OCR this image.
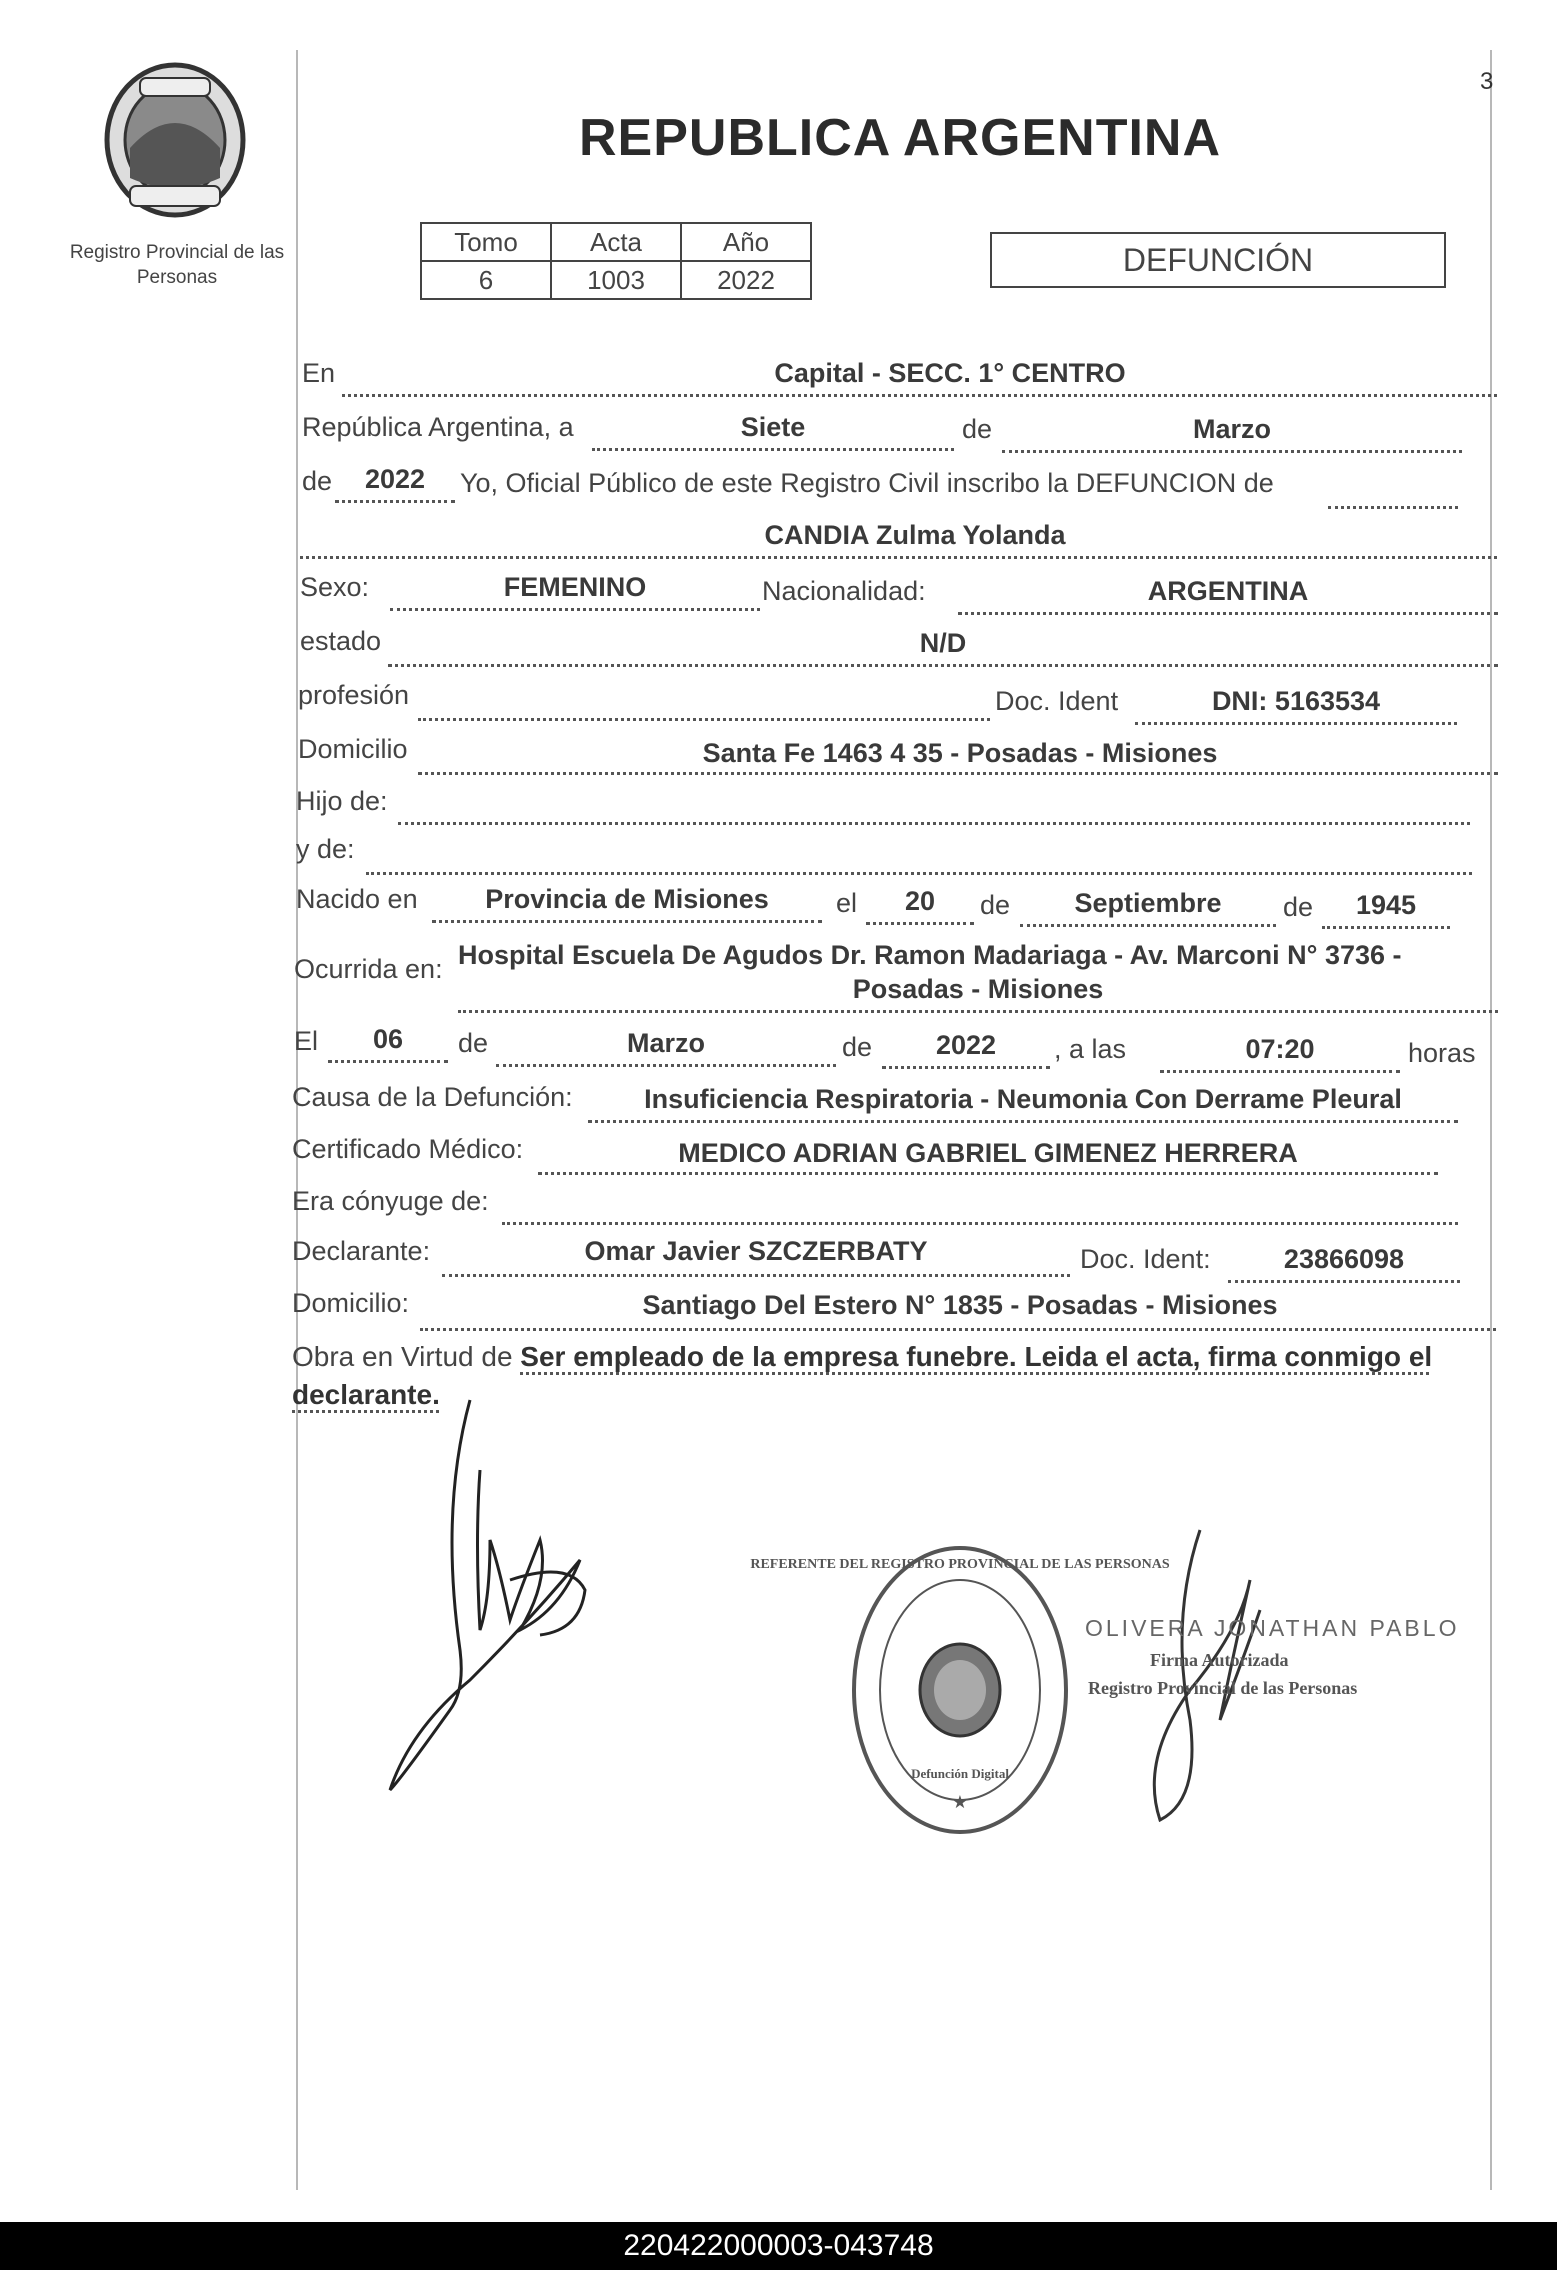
3
Registro Provincial de las Personas
REPUBLICA ARGENTINA
Tomo	Acta	Año
6	1003	2022
DEFUNCIÓN
En	Capital - SECC. 1° CENTRO
República Argentina, a	Siete	de	Marzo
de	2022	Yo, Oficial Público de este Registro Civil inscribo la DEFUNCION de
CANDIA Zulma Yolanda
Sexo:	FEMENINO	Nacionalidad:	ARGENTINA
estado	N/D
profesión	Doc. Ident	DNI: 5163534
Domicilio	Santa Fe 1463 4 35 - Posadas - Misiones
Hijo de:
y de:
Nacido en	Provincia de Misiones	el	20	de	Septiembre	de	1945
Ocurrida en: Hospital Escuela De Agudos Dr. Ramon Madariaga - Av. Marconi N° 3736 -
Posadas - Misiones
El	06	de	Marzo	de	2022	, a las	07:20	horas
Causa de la Defunción:	Insuficiencia Respiratoria - Neumonia Con Derrame Pleural
Certificado Médico:	MEDICO ADRIAN GABRIEL GIMENEZ HERRERA
Era cónyuge de:
Declarante:	Omar Javier SZCZERBATY	Doc. Ident:	23866098
Domicilio:	Santiago Del Estero N° 1835 - Posadas - Misiones
Obra en Virtud de Ser empleado de la empresa funebre. Leida el acta, firma conmigo el declarante.
REFERENTE DEL REGISTRO PROVINCIAL DE LAS PERSONAS
Defunción Digital
★
OLIVERA JONATHAN PABLO
Firma Autorizada
Registro Provincial de las Personas
220422000003-043748
